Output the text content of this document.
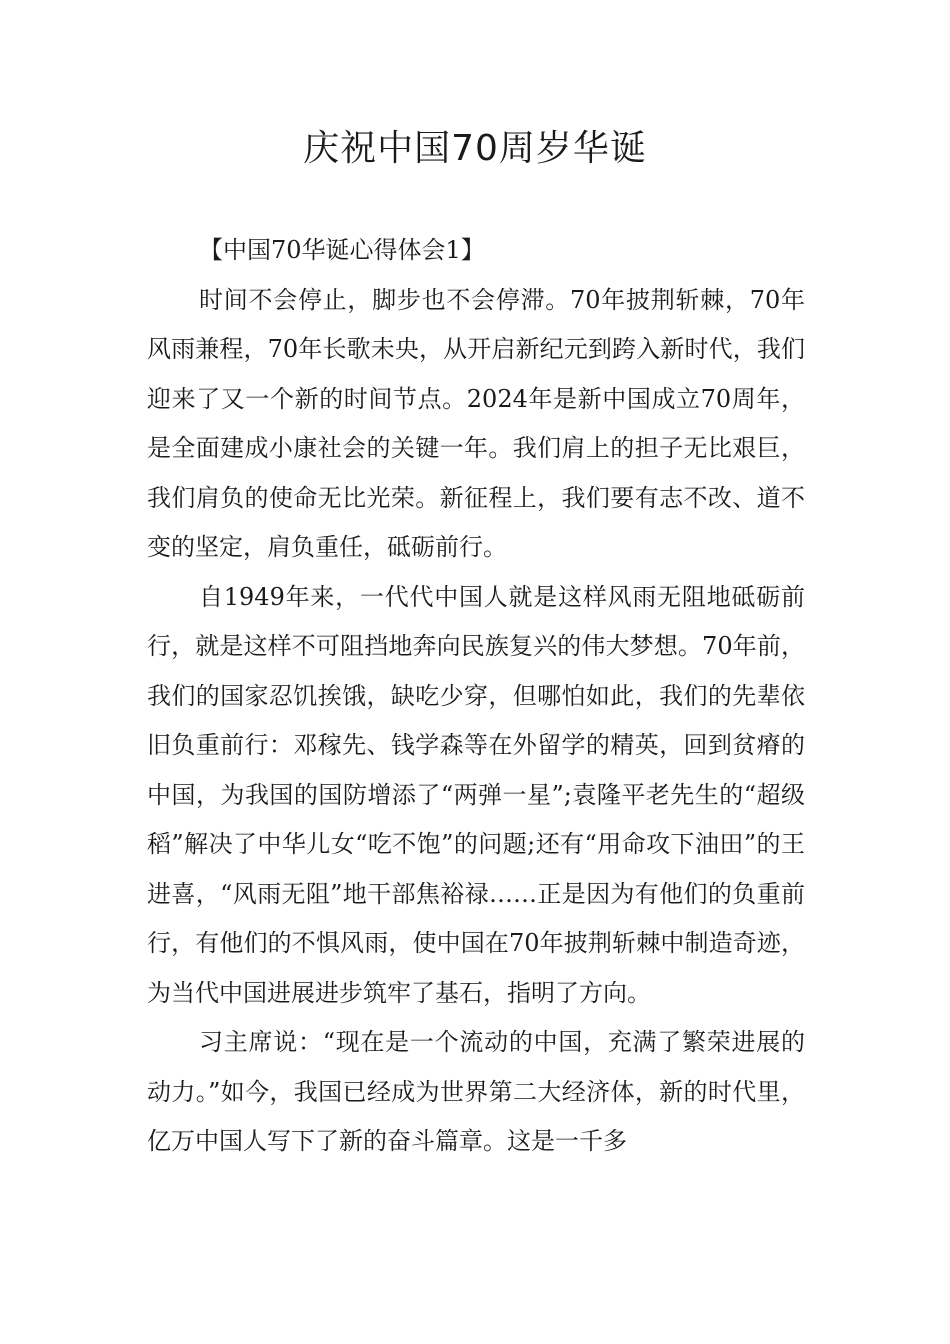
庆祝中国70周岁华诞

【中国70华诞心得体会1】

时间不会停止，脚步也不会停滞。70年披荆斩棘，70年风雨兼程，70年长歌未央，从开启新纪元到跨入新时代，我们迎来了又一个新的时间节点。2024年是新中国成立70周年，是全面建成小康社会的关键一年。我们肩上的担子无比艰巨，我们肩负的使命无比光荣。新征程上，我们要有志不改、道不变的坚定，肩负重任，砥砺前行。

自1949年来，一代代中国人就是这样风雨无阻地砥砺前行，就是这样不可阻挡地奔向民族复兴的伟大梦想。70年前，我们的国家忍饥挨饿，缺吃少穿，但哪怕如此，我们的先辈依旧负重前行：邓稼先、钱学森等在外留学的精英，回到贫瘠的中国，为我国的国防增添了“两弹一星”;袁隆平老先生的“超级稻”解决了中华儿女“吃不饱”的问题;还有“用命攻下油田”的王进喜，“风雨无阻”地干部焦裕禄……正是因为有他们的负重前行，有他们的不惧风雨，使中国在70年披荆斩棘中制造奇迹，为当代中国进展进步筑牢了基石，指明了方向。

习主席说：“现在是一个流动的中国，充满了繁荣进展的动力。”如今，我国已经成为世界第二大经济体，新的时代里，亿万中国人写下了新的奋斗篇章。这是一千多
